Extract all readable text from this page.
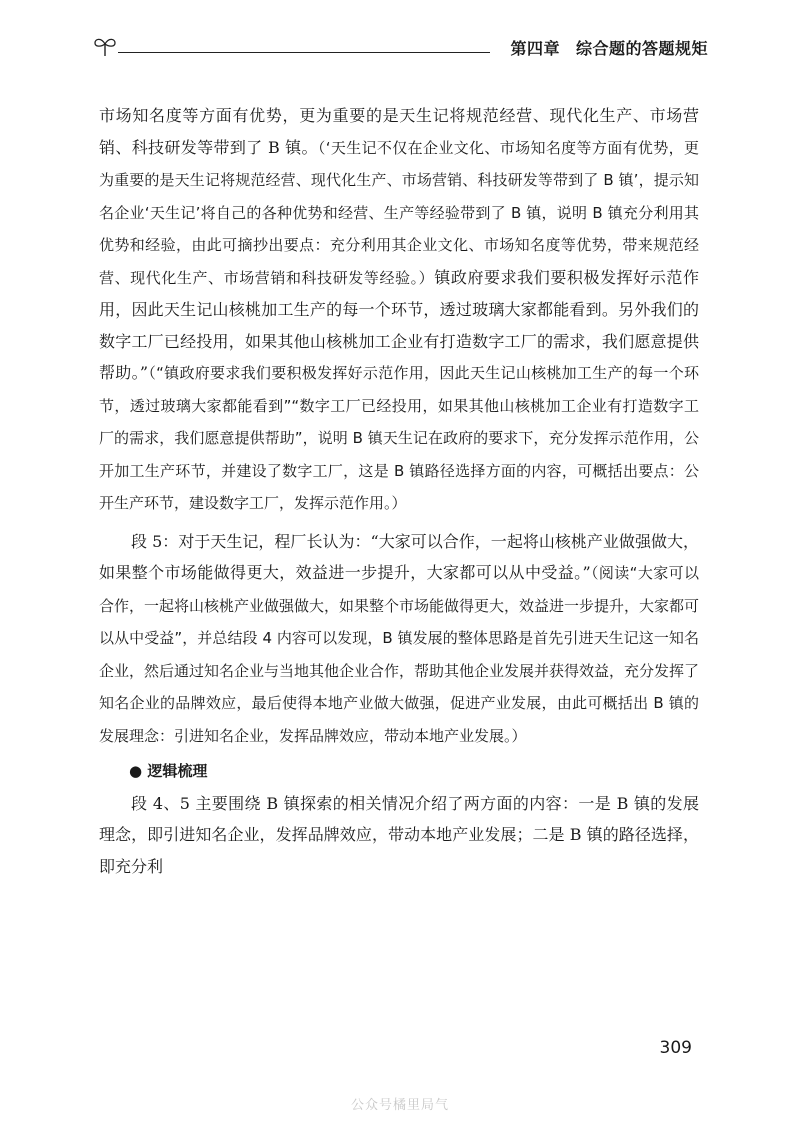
第四章 综合题的答题规矩

市场知名度等方面有优势，更为重要的是天生记将规范经营、现代化生产、市场营销、科技研发等带到了 B 镇。（‘天生记不仅在企业文化、市场知名度等方面有优势，更为重要的是天生记将规范经营、现代化生产、市场营销、科技研发等带到了 B 镇’，提示知名企业‘天生记’将自己的各种优势和经营、生产等经验带到了 B 镇，说明 B 镇充分利用其优势和经验，由此可摘抄出要点：充分利用其企业文化、市场知名度等优势，带来规范经营、现代化生产、市场营销和科技研发等经验。）镇政府要求我们要积极发挥好示范作用，因此天生记山核桃加工生产的每一个环节，透过玻璃大家都能看到。另外我们的数字工厂已经投用，如果其他山核桃加工企业有打造数字工厂的需求，我们愿意提供帮助。”（“镇政府要求我们要积极发挥好示范作用，因此天生记山核桃加工生产的每一个环节，透过玻璃大家都能看到”“数字工厂已经投用，如果其他山核桃加工企业有打造数字工厂的需求，我们愿意提供帮助”，说明 B 镇天生记在政府的要求下，充分发挥示范作用，公开加工生产环节，并建设了数字工厂，这是 B 镇路径选择方面的内容，可概括出要点：公开生产环节，建设数字工厂，发挥示范作用。）

段 5：对于天生记，程厂长认为：“大家可以合作，一起将山核桃产业做强做大，如果整个市场能做得更大，效益进一步提升，大家都可以从中受益。”（阅读“大家可以合作，一起将山核桃产业做强做大，如果整个市场能做得更大，效益进一步提升，大家都可以从中受益”，并总结段 4 内容可以发现，B 镇发展的整体思路是首先引进天生记这一知名企业，然后通过知名企业与当地其他企业合作，帮助其他企业发展并获得效益，充分发挥了知名企业的品牌效应，最后使得本地产业做大做强，促进产业发展，由此可概括出 B 镇的发展理念：引进知名企业，发挥品牌效应，带动本地产业发展。）

● 逻辑梳理

段 4、5 主要围绕 B 镇探索的相关情况介绍了两方面的内容：一是 B 镇的发展理念，即引进知名企业，发挥品牌效应，带动本地产业发展；二是 B 镇的路径选择，即充分利

309
公众号橘里局气
